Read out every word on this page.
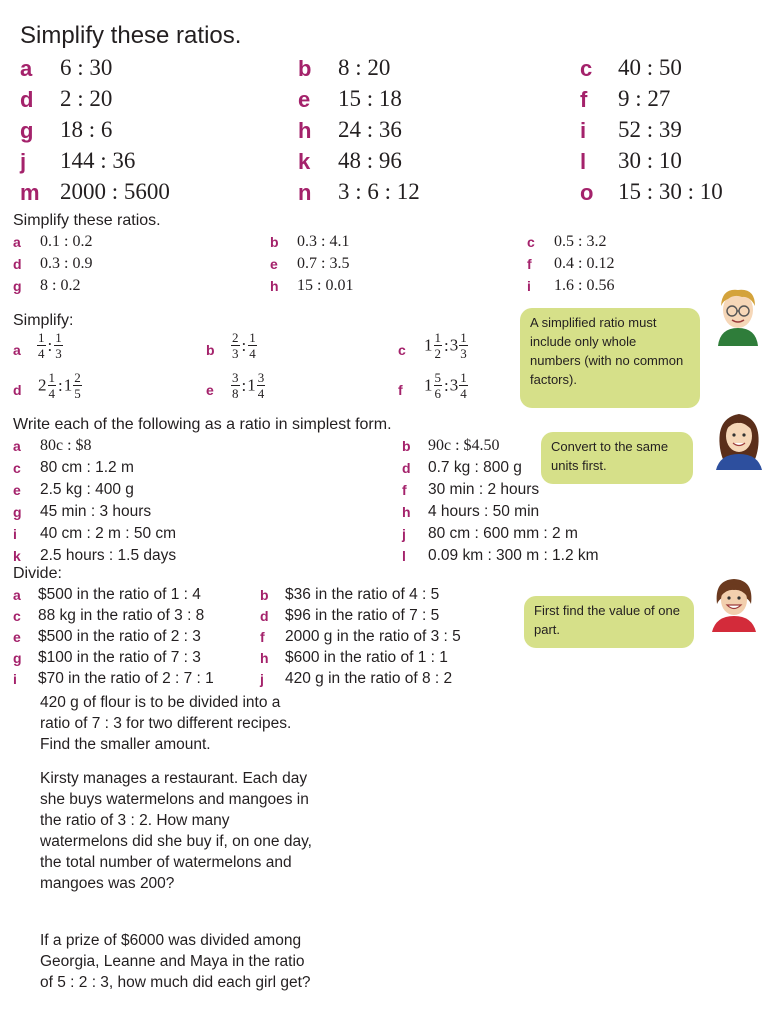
Simplify these ratios.
a 6 : 30	b 8 : 20	c 40 : 50
d 2 : 20	e 15 : 18	f 9 : 27
g 18 : 6	h 24 : 36	i 52 : 39
j 144 : 36	k 48 : 96	l 30 : 10
m 2000 : 5600	n 3 : 6 : 12	o 15 : 30 : 10
Simplify these ratios.
a 0.1 : 0.2	b 0.3 : 4.1	c 0.5 : 3.2
d 0.3 : 0.9	e 0.7 : 3.5	f 0.4 : 0.12
g 8 : 0.2	h 15 : 0.01	i 1.6 : 0.56
Simplify:
a $\frac{1}{4}$ : $\frac{1}{3}$	b $\frac{2}{3}$ : $\frac{1}{4}$	c $1 \frac{1}{2}$ :3 $\frac{1}{3}$
d $2 \frac{1}{4}$ :1 $\frac{2}{5}$	e $\frac{3}{8}$ :1 $\frac{3}{4}$	f $1 \frac{5}{6}$ :3 $\frac{1}{4}$
A simplified ratio must include only whole numbers (with no common factors).
Write each of the following as a ratio in simplest form.
a 80c : $8	b 90c : $4.50
c 80 cm : 1.2 m	d 0.7 kg : 800 g
e 2.5 kg : 400 g	f 30 min : 2 hours
g 45 min : 3 hours	h 4 hours : 50 min
i 40 cm : 2 m : 50 cm	j 80 cm : 600 mm : 2 m
k 2.5 hours : 1.5 days	l 0.09 km : 300 m : 1.2 km
Convert to the same units first.
Divide:
a $500 in the ratio of 1 : 4	b $36 in the ratio of 4 : 5
c 88 kg in the ratio of 3 : 8	d $96 in the ratio of 7 : 5
e $500 in the ratio of 2 : 3	f 2000 g in the ratio of 3 : 5
g $100 in the ratio of 7 : 3	h $600 in the ratio of 1 : 1
i $70 in the ratio of 2 : 7 : 1	j 420 g in the ratio of 8 : 2
First find the value of one part.
420 g of flour is to be divided into a ratio of 7 : 3 for two different recipes. Find the smaller amount.
Kirsty manages a restaurant. Each day she buys watermelons and mangoes in the ratio of 3 : 2. How many watermelons did she buy if, on one day, the total number of watermelons and mangoes was 200?
If a prize of $6000 was divided among Georgia, Leanne and Maya in the ratio of 5 : 2 : 3, how much did each girl get?
